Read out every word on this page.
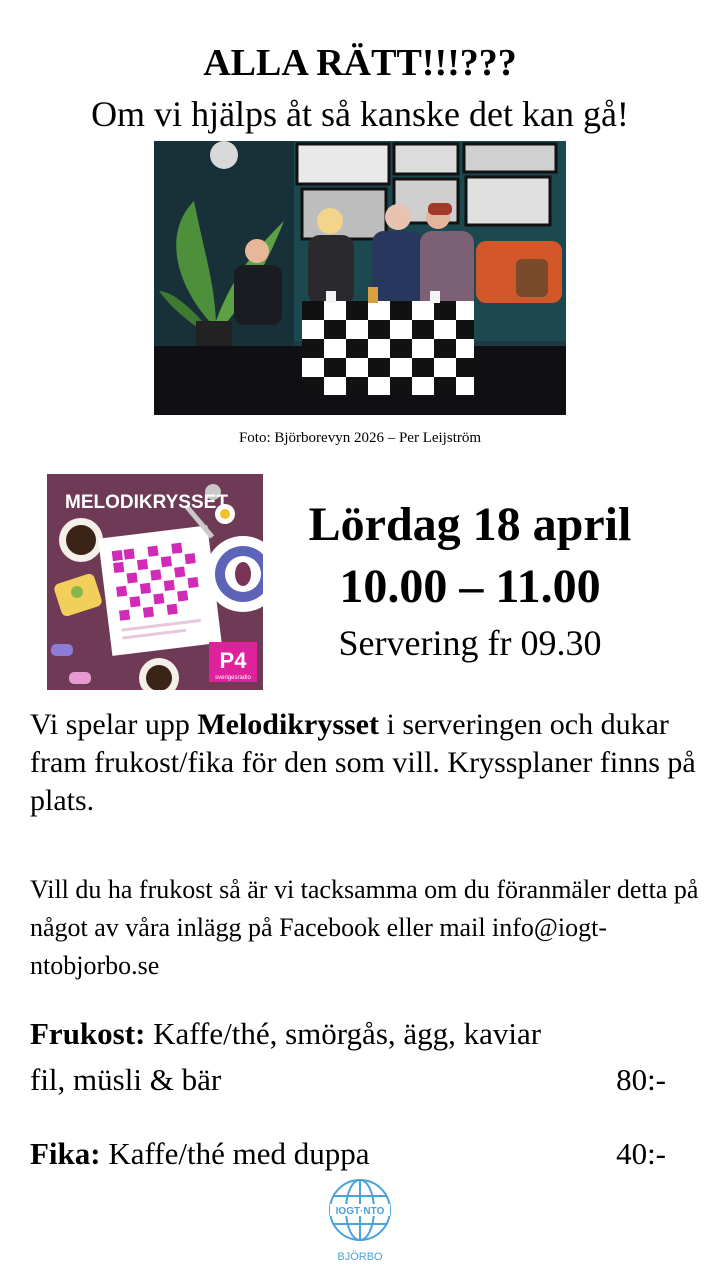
ALLA RÄTT!!!???
Om vi hjälps åt så kanske det kan gå!
Foto: Björborevyn 2026 – Per Leijström
MELODIKRYSSET
P4
sverigesradio
Lördag 18 april
10.00 – 11.00
Servering fr 09.30
Vi spelar upp Melodikrysset i serveringen och dukar fram frukost/fika för den som vill. Kryssplaner finns på plats.
Vill du ha frukost så är vi tacksamma om du föranmäler detta på något av våra inlägg på Facebook eller mail info@iogt-ntobjorbo.se
Frukost: Kaffe/thé, smörgås, ägg, kaviar
fil, müsli & bär	80:-
Fika: Kaffe/thé med duppa	40:-
IOGT·NTO
BJÖRBO
